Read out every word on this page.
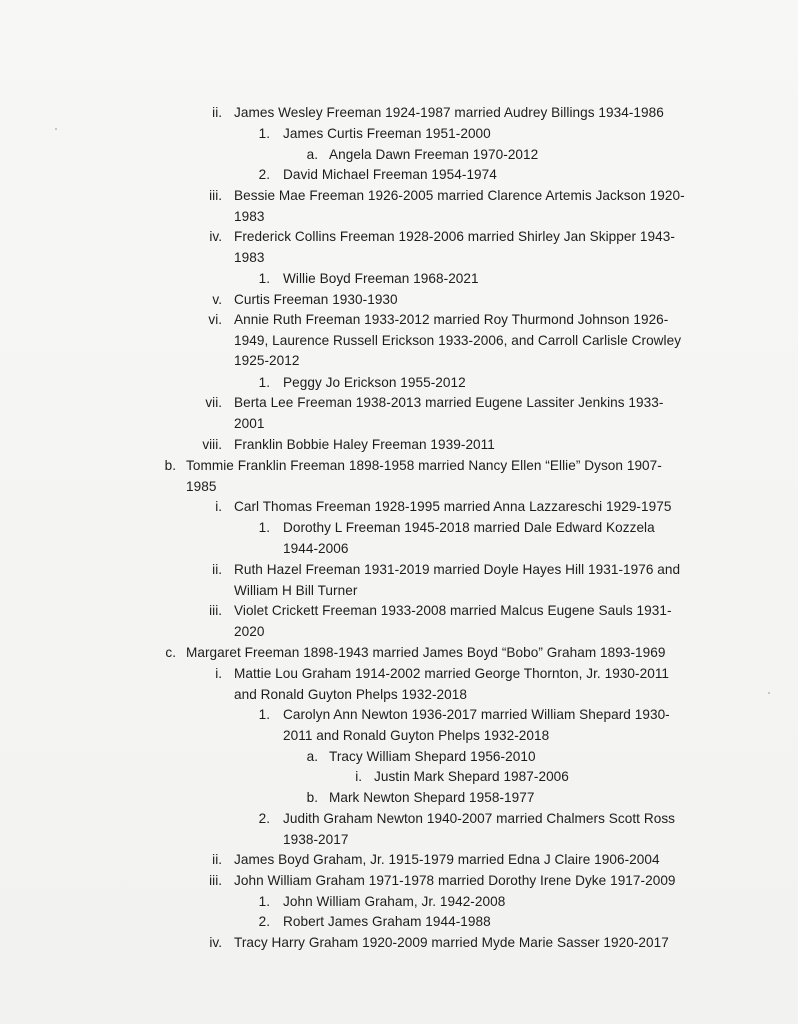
ii. James Wesley Freeman 1924-1987 married Audrey Billings 1934-1986
1. James Curtis Freeman 1951-2000
a. Angela Dawn Freeman 1970-2012
2. David Michael Freeman 1954-1974
iii. Bessie Mae Freeman 1926-2005 married Clarence Artemis Jackson 1920-
1983
iv. Frederick Collins Freeman 1928-2006 married Shirley Jan Skipper 1943-
1983
1. Willie Boyd Freeman 1968-2021
v. Curtis Freeman 1930-1930
vi. Annie Ruth Freeman 1933-2012 married Roy Thurmond Johnson 1926-
1949, Laurence Russell Erickson 1933-2006, and Carroll Carlisle Crowley
1925-2012
1. Peggy Jo Erickson 1955-2012
vii. Berta Lee Freeman 1938-2013 married Eugene Lassiter Jenkins 1933-
2001
viii. Franklin Bobbie Haley Freeman 1939-2011
b. Tommie Franklin Freeman 1898-1958 married Nancy Ellen “Ellie” Dyson 1907-
1985
i. Carl Thomas Freeman 1928-1995 married Anna Lazzareschi 1929-1975
1. Dorothy L Freeman 1945-2018 married Dale Edward Kozzela
1944-2006
ii. Ruth Hazel Freeman 1931-2019 married Doyle Hayes Hill 1931-1976 and
William H Bill Turner
iii. Violet Crickett Freeman 1933-2008 married Malcus Eugene Sauls 1931-
2020
c. Margaret Freeman 1898-1943 married James Boyd “Bobo” Graham 1893-1969
i. Mattie Lou Graham 1914-2002 married George Thornton, Jr. 1930-2011
and Ronald Guyton Phelps 1932-2018
1. Carolyn Ann Newton 1936-2017 married William Shepard 1930-
2011 and Ronald Guyton Phelps 1932-2018
a. Tracy William Shepard 1956-2010
i. Justin Mark Shepard 1987-2006
b. Mark Newton Shepard 1958-1977
2. Judith Graham Newton 1940-2007 married Chalmers Scott Ross
1938-2017
ii. James Boyd Graham, Jr. 1915-1979 married Edna J Claire 1906-2004
iii. John William Graham 1971-1978 married Dorothy Irene Dyke 1917-2009
1. John William Graham, Jr. 1942-2008
2. Robert James Graham 1944-1988
iv. Tracy Harry Graham 1920-2009 married Myde Marie Sasser 1920-2017
